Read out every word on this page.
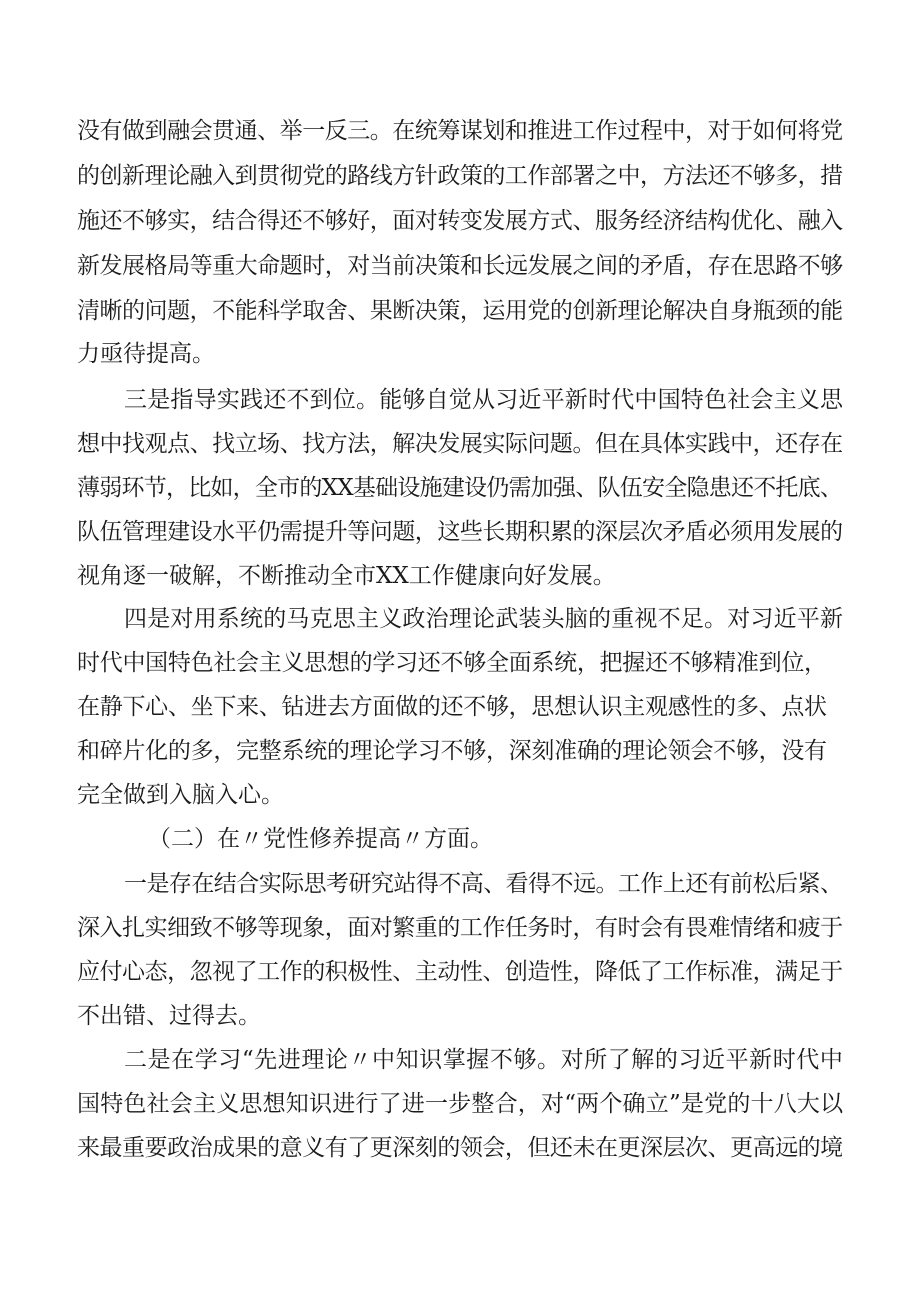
没有做到融会贯通、举一反三。在统筹谋划和推进工作过程中，对于如何将党
的创新理论融入到贯彻党的路线方针政策的工作部署之中，方法还不够多，措
施还不够实，结合得还不够好，面对转变发展方式、服务经济结构优化、融入
新发展格局等重大命题时，对当前决策和长远发展之间的矛盾，存在思路不够
清晰的问题，不能科学取舍、果断决策，运用党的创新理论解决自身瓶颈的能
力亟待提高。
三是指导实践还不到位。能够自觉从习近平新时代中国特色社会主义思
想中找观点、找立场、找方法，解决发展实际问题。但在具体实践中，还存在
薄弱环节，比如，全市的XX基础设施建设仍需加强、队伍安全隐患还不托底、
队伍管理建设水平仍需提升等问题，这些长期积累的深层次矛盾必须用发展的
视角逐一破解，不断推动全市XX工作健康向好发展。
四是对用系统的马克思主义政治理论武装头脑的重视不足。对习近平新
时代中国特色社会主义思想的学习还不够全面系统，把握还不够精准到位，
在静下心、坐下来、钻进去方面做的还不够，思想认识主观感性的多、点状
和碎片化的多，完整系统的理论学习不够，深刻准确的理论领会不够，没有
完全做到入脑入心。
（二）在〃党性修养提高〃方面。
一是存在结合实际思考研究站得不高、看得不远。工作上还有前松后紧、
深入扎实细致不够等现象，面对繁重的工作任务时，有时会有畏难情绪和疲于
应付心态，忽视了工作的积极性、主动性、创造性，降低了工作标准，满足于
不出错、过得去。
二是在学习“先进理论〃中知识掌握不够。对所了解的习近平新时代中
国特色社会主义思想知识进行了进一步整合，对“两个确立”是党的十八大以
来最重要政治成果的意义有了更深刻的领会，但还未在更深层次、更高远的境
